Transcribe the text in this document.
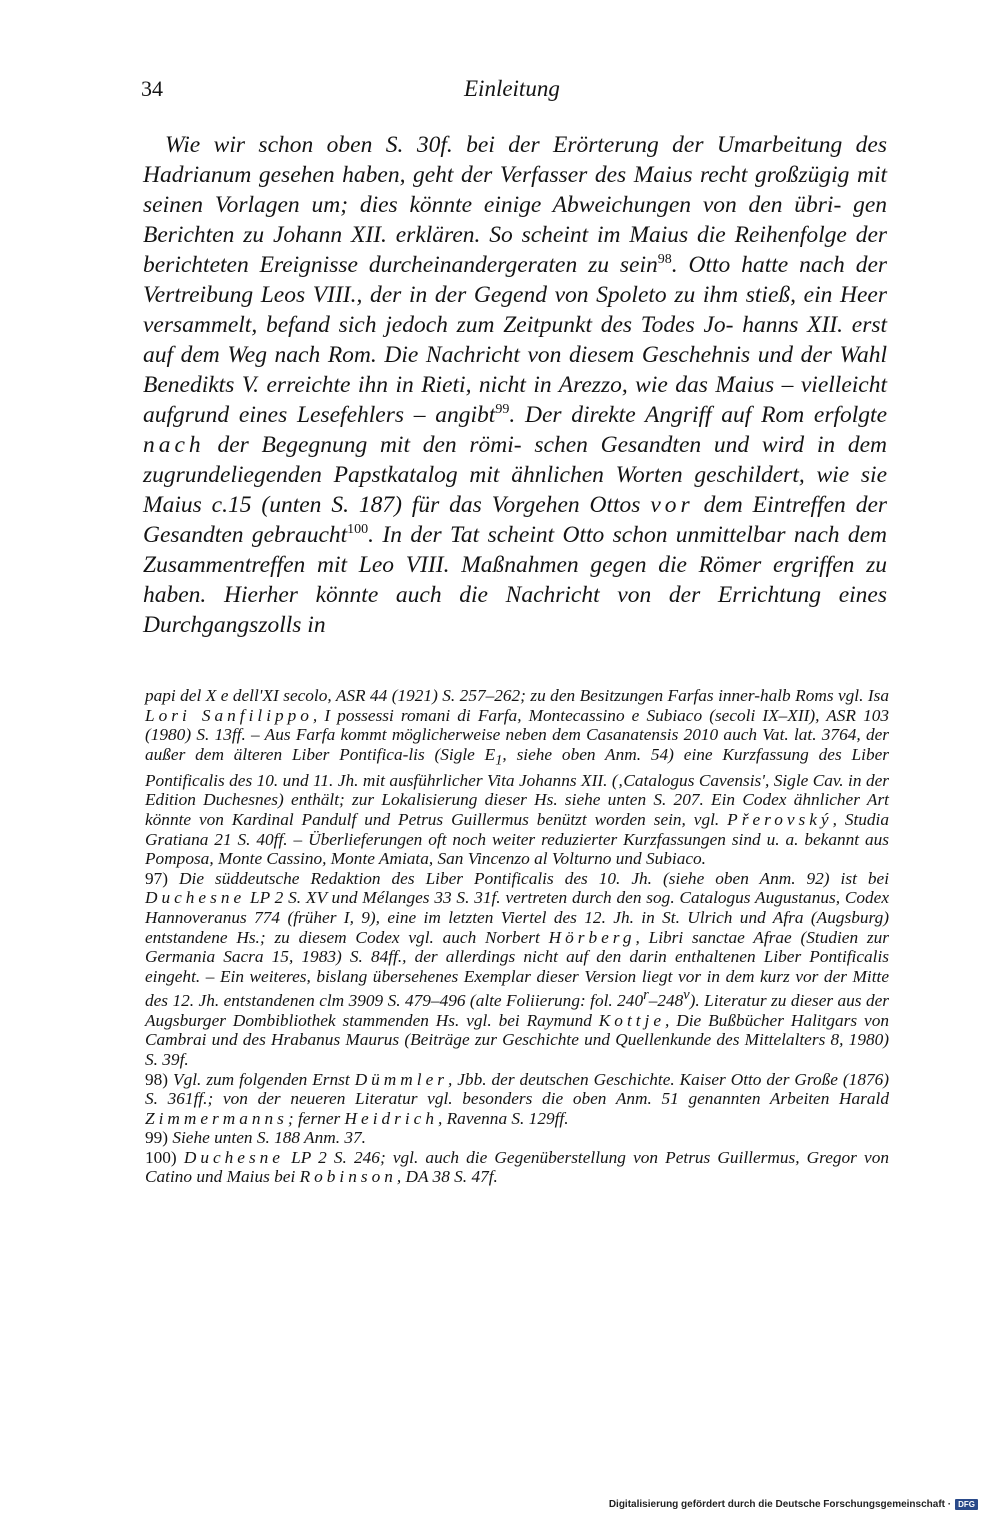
34	Einleitung
Wie wir schon oben S. 30f. bei der Erörterung der Umarbeitung des Hadrianum gesehen haben, geht der Verfasser des Maius recht großzügig mit seinen Vorlagen um; dies könnte einige Abweichungen von den übri- gen Berichten zu Johann XII. erklären. So scheint im Maius die Reihenfolge der berichteten Ereignisse durcheinandergeraten zu sein$^{98}$. Otto hatte nach der Vertreibung Leos VIII., der in der Gegend von Spoleto zu ihm stieß, ein Heer versammelt, befand sich jedoch zum Zeitpunkt des Todes Jo- hanns XII. erst auf dem Weg nach Rom. Die Nachricht von diesem Geschehnis und der Wahl Benedikts V. erreichte ihn in Rieti, nicht in Arezzo, wie das Maius – vielleicht aufgrund eines Lesefehlers – angibt$^{99}$. Der direkte Angriff auf Rom erfolgte nach der Begegnung mit den römi- schen Gesandten und wird in dem zugrundeliegenden Papstkatalog mit ähnlichen Worten geschildert, wie sie Maius c.15 (unten S. 187) für das Vorgehen Ottos vor dem Eintreffen der Gesandten gebraucht$^{100}$. In der Tat scheint Otto schon unmittelbar nach dem Zusammentreffen mit Leo VIII. Maßnahmen gegen die Römer ergriffen zu haben. Hierher könnte auch die Nachricht von der Errichtung eines Durchgangszolls in

papi del X e dell'XI secolo, ASR 44 (1921) S. 257–262; zu den Besitzungen Farfas inner-halb Roms vgl. Isa Lori Sanfilippo, I possessi romani di Farfa, Montecassino e Subiaco (secoli IX–XII), ASR 103 (1980) S. 13ff. – Aus Farfa kommt möglicherweise neben dem Casanatensis 2010 auch Vat. lat. 3764, der außer dem älteren Liber Pontifica-lis (Sigle $E_1$, siehe oben Anm. 54) eine Kurzfassung des Liber Pontificalis des 10. und 11. Jh. mit ausführlicher Vita Johanns XII. (‚Catalogus Cavensis', Sigle Cav. in der Edition Duchesnes) enthält; zur Lokalisierung dieser Hs. siehe unten S. 207. Ein Codex ähnlicher Art könnte von Kardinal Pandulf und Petrus Guillermus benützt worden sein, vgl. Přerovský, Studia Gratiana 21 S. 40ff. – Überlieferungen oft noch weiter reduzierter Kurzfassungen sind u. a. bekannt aus Pomposa, Monte Cassino, Monte Amiata, San Vincenzo al Volturno und Subiaco.

97) Die süddeutsche Redaktion des Liber Pontificalis des 10. Jh. (siehe oben Anm. 92) ist bei Duchesne LP 2 S. XV und Mélanges 33 S. 31f. vertreten durch den sog. Catalogus Augustanus, Codex Hannoveranus 774 (früher I, 9), eine im letzten Viertel des 12. Jh. in St. Ulrich und Afra (Augsburg) entstandene Hs.; zu diesem Codex vgl. auch Norbert Hörberg, Libri sanctae Afrae (Studien zur Germania Sacra 15, 1983) S. 84ff., der allerdings nicht auf den darin enthaltenen Liber Pontificalis eingeht. – Ein weiteres, bislang übersehenes Exemplar dieser Version liegt vor in dem kurz vor der Mitte des 12. Jh. entstandenen clm 3909 S. 479–496 (alte Foliierung: fol. 240$^r$–248$^v$). Literatur zu dieser aus der Augsburger Dombibliothek stammenden Hs. vgl. bei Raymund Kottje, Die Bußbücher Halitgars von Cambrai und des Hrabanus Maurus (Beiträge zur Geschichte und Quellenkunde des Mittelalters 8, 1980) S. 39f.

98) Vgl. zum folgenden Ernst Dümmler, Jbb. der deutschen Geschichte. Kaiser Otto der Große (1876) S. 361ff.; von der neueren Literatur vgl. besonders die oben Anm. 51 genannten Arbeiten Harald Zimmermanns; ferner Heidrich, Ravenna S. 129ff.

99) Siehe unten S. 188 Anm. 37.

100) Duchesne LP 2 S. 246; vgl. auch die Gegenüberstellung von Petrus Guillermus, Gregor von Catino und Maius bei Robinson, DA 38 S. 47f.

Digitalisierung gefördert durch die Deutsche Forschungsgemeinschaft · DFG
